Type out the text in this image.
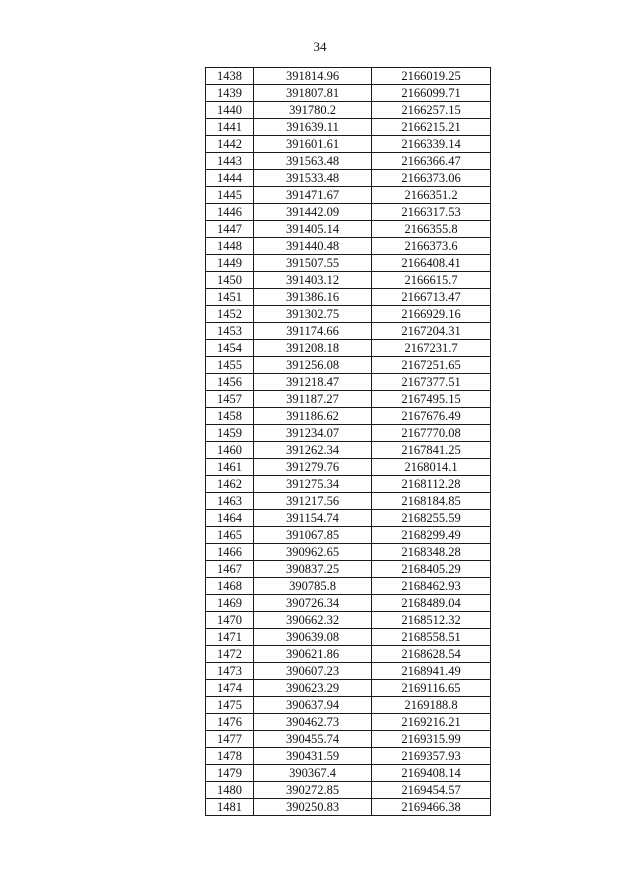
34
1438	391814.96	2166019.25
1439	391807.81	2166099.71
1440	391780.2	2166257.15
1441	391639.11	2166215.21
1442	391601.61	2166339.14
1443	391563.48	2166366.47
1444	391533.48	2166373.06
1445	391471.67	2166351.2
1446	391442.09	2166317.53
1447	391405.14	2166355.8
1448	391440.48	2166373.6
1449	391507.55	2166408.41
1450	391403.12	2166615.7
1451	391386.16	2166713.47
1452	391302.75	2166929.16
1453	391174.66	2167204.31
1454	391208.18	2167231.7
1455	391256.08	2167251.65
1456	391218.47	2167377.51
1457	391187.27	2167495.15
1458	391186.62	2167676.49
1459	391234.07	2167770.08
1460	391262.34	2167841.25
1461	391279.76	2168014.1
1462	391275.34	2168112.28
1463	391217.56	2168184.85
1464	391154.74	2168255.59
1465	391067.85	2168299.49
1466	390962.65	2168348.28
1467	390837.25	2168405.29
1468	390785.8	2168462.93
1469	390726.34	2168489.04
1470	390662.32	2168512.32
1471	390639.08	2168558.51
1472	390621.86	2168628.54
1473	390607.23	2168941.49
1474	390623.29	2169116.65
1475	390637.94	2169188.8
1476	390462.73	2169216.21
1477	390455.74	2169315.99
1478	390431.59	2169357.93
1479	390367.4	2169408.14
1480	390272.85	2169454.57
1481	390250.83	2169466.38
